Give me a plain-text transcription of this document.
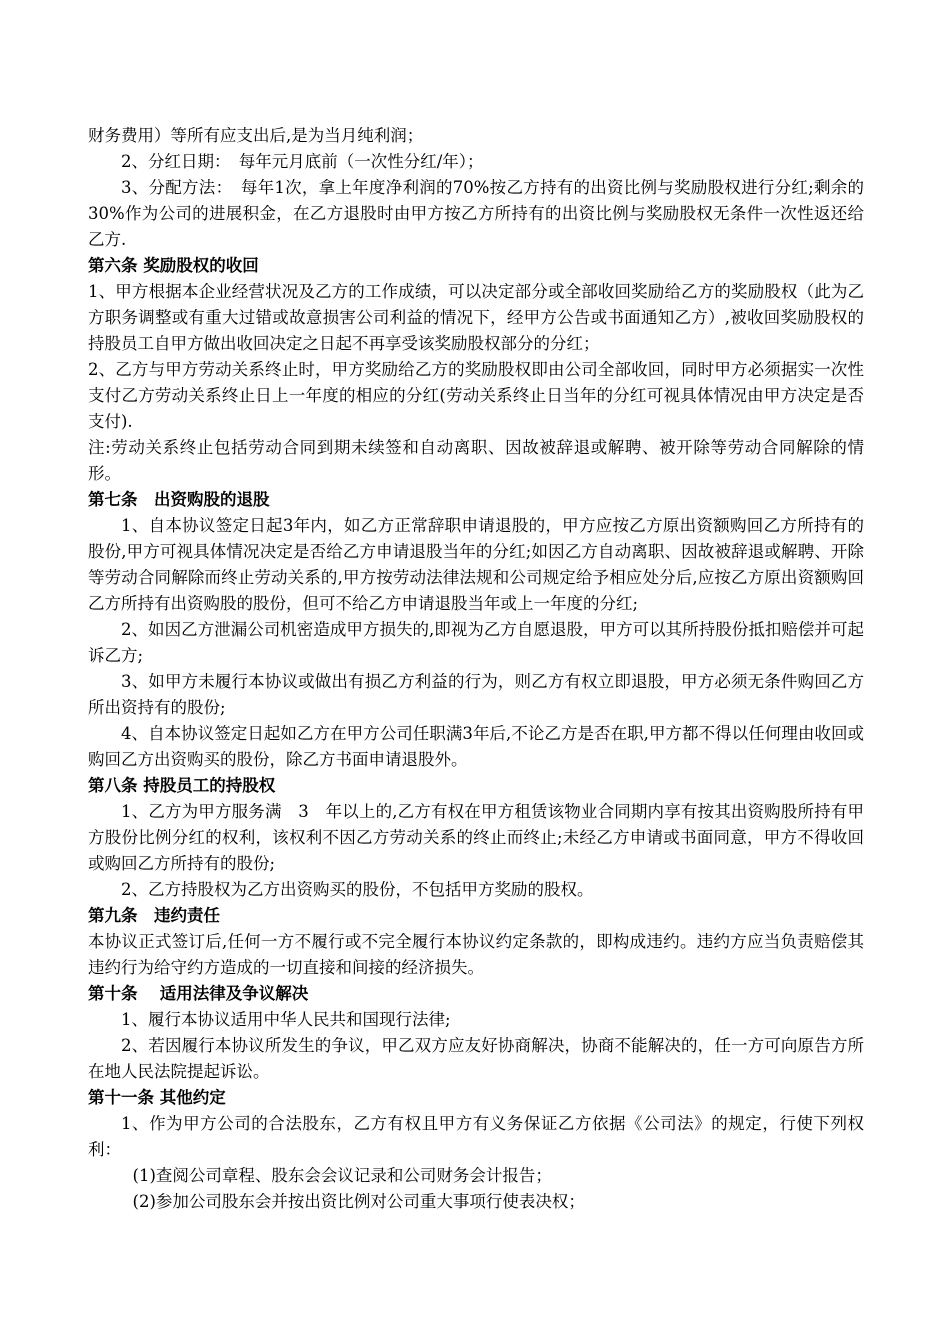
财务费用）等所有应支出后,是为当月纯利润；

2、分红日期：　每年元月底前（一次性分红/年）；

3、分配方法：　每年1次，拿上年度净利润的70%按乙方持有的出资比例与奖励股权进行分红;剩余的30%作为公司的进展积金，在乙方退股时由甲方按乙方所持有的出资比例与奖励股权无条件一次性返还给乙方.

第六条 奖励股权的收回

1、甲方根据本企业经营状况及乙方的工作成绩，可以决定部分或全部收回奖励给乙方的奖励股权（此为乙方职务调整或有重大过错或故意损害公司利益的情况下，经甲方公告或书面通知乙方）,被收回奖励股权的持股员工自甲方做出收回决定之日起不再享受该奖励股权部分的分红；

2、乙方与甲方劳动关系终止时，甲方奖励给乙方的奖励股权即由公司全部收回，同时甲方必须据实一次性支付乙方劳动关系终止日上一年度的相应的分红(劳动关系终止日当年的分红可视具体情况由甲方决定是否支付).

注:劳动关系终止包括劳动合同到期未续签和自动离职、因故被辞退或解聘、被开除等劳动合同解除的情形。

第七条　出资购股的退股

1、自本协议签定日起3年内，如乙方正常辞职申请退股的，甲方应按乙方原出资额购回乙方所持有的股份,甲方可视具体情况决定是否给乙方申请退股当年的分红;如因乙方自动离职、因故被辞退或解聘、开除等劳动合同解除而终止劳动关系的,甲方按劳动法律法规和公司规定给予相应处分后,应按乙方原出资额购回乙方所持有出资购股的股份，但可不给乙方申请退股当年或上一年度的分红;

2、如因乙方泄漏公司机密造成甲方损失的,即视为乙方自愿退股，甲方可以其所持股份抵扣赔偿并可起诉乙方;

3、如甲方未履行本协议或做出有损乙方利益的行为，则乙方有权立即退股，甲方必须无条件购回乙方所出资持有的股份;

4、自本协议签定日起如乙方在甲方公司任职满3年后,不论乙方是否在职,甲方都不得以任何理由收回或购回乙方出资购买的股份，除乙方书面申请退股外。

第八条 持股员工的持股权

1、乙方为甲方服务满　3　年以上的,乙方有权在甲方租赁该物业合同期内享有按其出资购股所持有甲方股份比例分红的权利，该权利不因乙方劳动关系的终止而终止;未经乙方申请或书面同意，甲方不得收回或购回乙方所持有的股份;

2、乙方持股权为乙方出资购买的股份，不包括甲方奖励的股权。

第九条　违约责任

本协议正式签订后,任何一方不履行或不完全履行本协议约定条款的，即构成违约。违约方应当负责赔偿其违约行为给守约方造成的一切直接和间接的经济损失。

第十条　 适用法律及争议解决

1、履行本协议适用中华人民共和国现行法律;

2、若因履行本协议所发生的争议，甲乙双方应友好协商解决，协商不能解决的，任一方可向原告方所在地人民法院提起诉讼。

第十一条 其他约定

1、作为甲方公司的合法股东，乙方有权且甲方有义务保证乙方依据《公司法》的规定，行使下列权利：

(1)查阅公司章程、股东会会议记录和公司财务会计报告；

(2)参加公司股东会并按出资比例对公司重大事项行使表决权；
